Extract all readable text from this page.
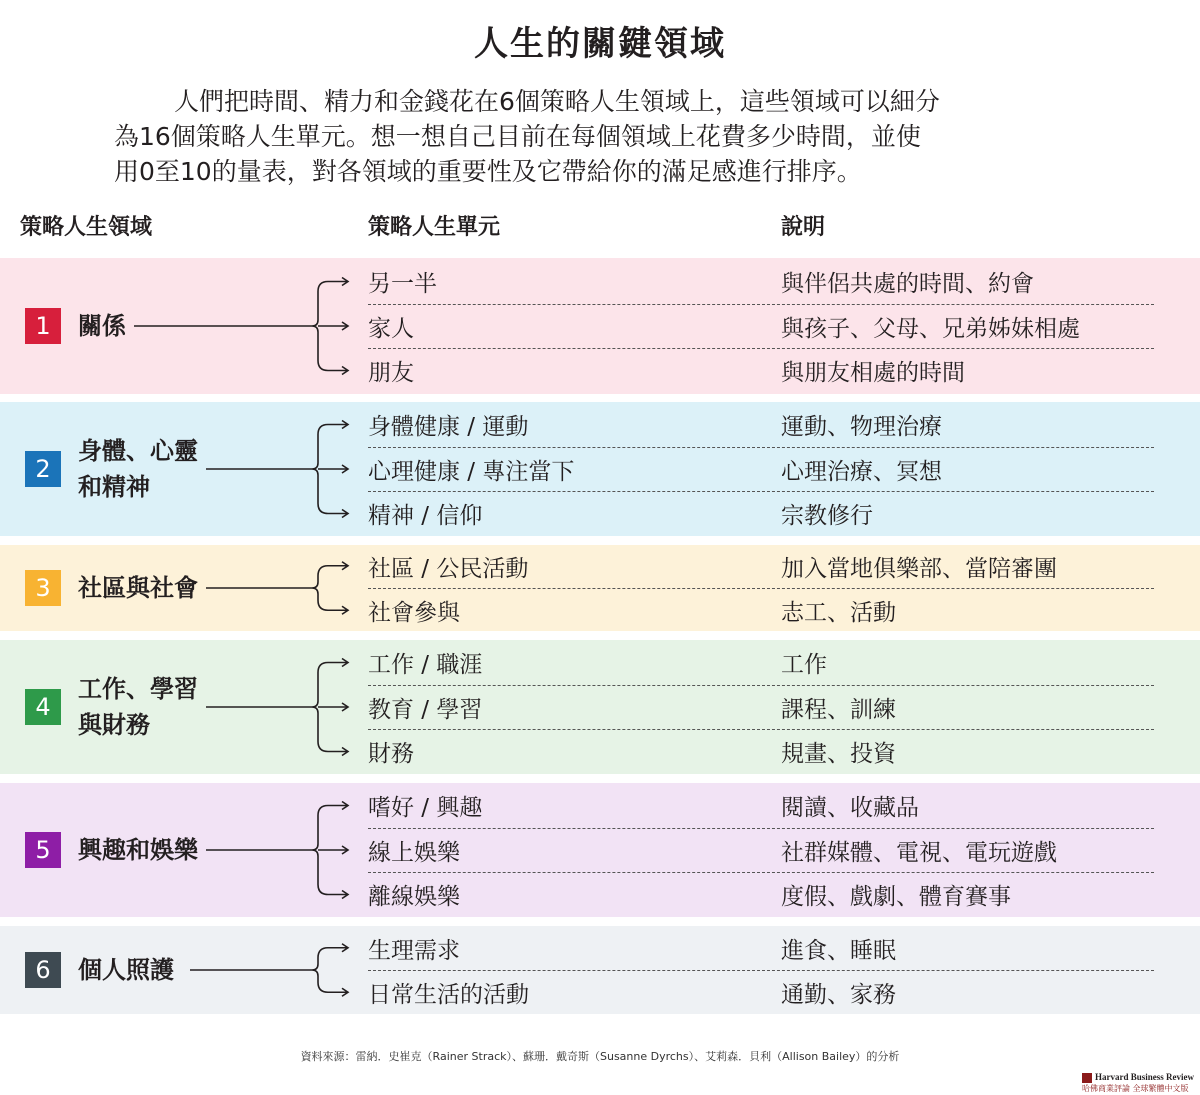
人生的關鍵領域
人們把時間、精力和金錢花在6個策略人生領域上，這些領域可以細分
為16個策略人生單元。想一想自己目前在每個領域上花費多少時間，並使
用0至10的量表，對各領域的重要性及它帶給你的滿足感進行排序。
策略人生領域	策略人生單元	說明
1	關係
另一半	與伴侶共處的時間、約會
家人	與孩子、父母、兄弟姊妹相處
朋友	與朋友相處的時間
2
身體、心靈
和精神
身體健康 / 運動	運動、物理治療
心理健康 / 專注當下	心理治療、冥想
精神 / 信仰	宗教修行
3	社區與社會
社區 / 公民活動	加入當地俱樂部、當陪審團
社會參與	志工、活動
4
工作、學習
與財務
工作 / 職涯	工作
教育 / 學習	課程、訓練
財務	規畫、投資
5	興趣和娛樂
嗜好 / 興趣	閱讀、收藏品
線上娛樂	社群媒體、電視、電玩遊戲
離線娛樂	度假、戲劇、體育賽事
6	個人照護
生理需求	進食、睡眠
日常生活的活動	通勤、家務
資料來源：雷納．史崔克（Rainer Strack）、蘇珊．戴奇斯（Susanne Dyrchs）、艾莉森．貝利（Allison Bailey）的分析
Harvard Business Review
哈佛商業評論 全球繁體中文版
